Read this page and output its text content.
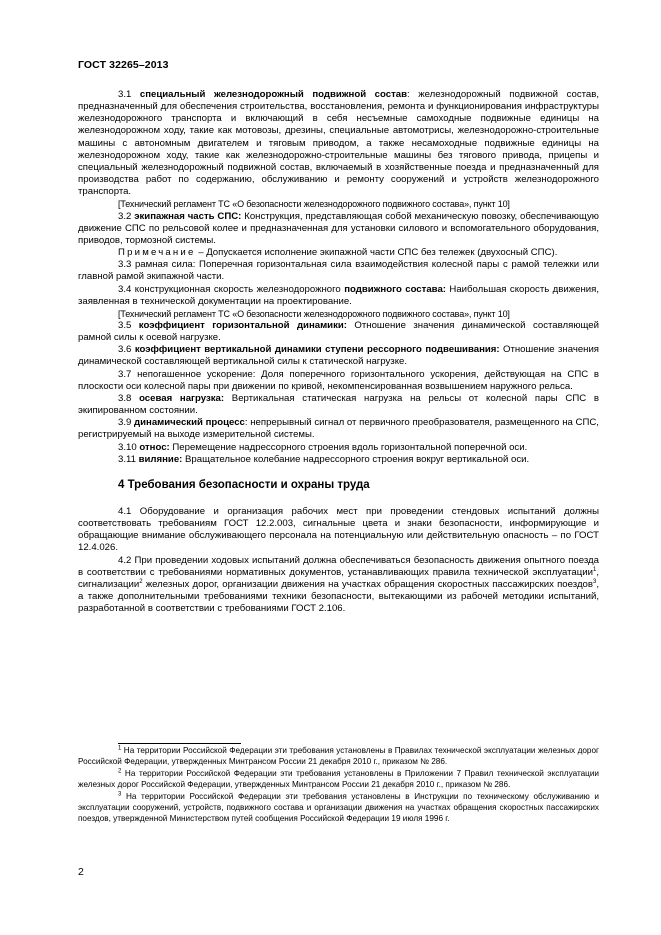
ГОСТ 32265–2013

3.1 специальный железнодорожный подвижной состав: железнодорожный подвижной состав, предназначенный для обеспечения строительства, восстановления, ремонта и функционирования инфраструктуры железнодорожного транспорта и включающий в себя несъемные самоходные подвижные единицы на железнодорожном ходу, такие как мотовозы, дрезины, специальные автомотрисы, железнодорожно-строительные машины с автономным двигателем и тяговым приводом, а также несамоходные подвижные единицы на железнодорожном ходу, такие как железнодорожно-строительные машины без тягового привода, прицепы и специальный железнодорожный подвижной состав, включаемый в хозяйственные поезда и предназначенный для производства работ по содержанию, обслуживанию и ремонту сооружений и устройств железнодорожного транспорта.

[Технический регламент ТС «О безопасности железнодорожного подвижного состава», пункт 10]

3.2 экипажная часть СПС: Конструкция, представляющая собой механическую повозку, обеспечивающую движение СПС по рельсовой колее и предназначенная для установки силового и вспомогательного оборудования, приводов, тормозной системы.

Примечание – Допускается исполнение экипажной части СПС без тележек (двухосный СПС).

3.3 рамная сила: Поперечная горизонтальная сила взаимодействия колесной пары с рамой тележки или главной рамой экипажной части.

3.4 конструкционная скорость железнодорожного подвижного состава: Наибольшая скорость движения, заявленная в технической документации на проектирование.

[Технический регламент ТС «О безопасности железнодорожного подвижного состава», пункт 10]

3.5 коэффициент горизонтальной динамики: Отношение значения динамической составляющей рамной силы к осевой нагрузке.

3.6 коэффициент вертикальной динамики ступени рессорного подвешивания: Отношение значения динамической составляющей вертикальной силы к статической нагрузке.

3.7 непогашенное ускорение: Доля поперечного горизонтального ускорения, действующая на СПС в плоскости оси колесной пары при движении по кривой, некомпенсированная возвышением наружного рельса.

3.8 осевая нагрузка: Вертикальная статическая нагрузка на рельсы от колесной пары СПС в экипированном состоянии.

3.9 динамический процесс: непрерывный сигнал от первичного преобразователя, размещенного на СПС, регистрируемый на выходе измерительной системы.

3.10 относ: Перемещение надрессорного строения вдоль горизонтальной поперечной оси.

3.11 виляние: Вращательное колебание надрессорного строения вокруг вертикальной оси.

4 Требования безопасности и охраны труда

4.1 Оборудование и организация рабочих мест при проведении стендовых испытаний должны соответствовать требованиям ГОСТ 12.2.003, сигнальные цвета и знаки безопасности, информирующие и обращающие внимание обслуживающего персонала на потенциальную или действительную опасность – по ГОСТ 12.4.026.

4.2 При проведении ходовых испытаний должна обеспечиваться безопасность движения опытного поезда в соответствии с требованиями нормативных документов, устанавливающих правила технической эксплуатации$^1$, сигнализации$^2$ железных дорог, организации движения на участках обращения скоростных пассажирских поездов$^3$, а также дополнительными требованиями техники безопасности, вытекающими из рабочей методики испытаний, разработанной в соответствии с требованиями ГОСТ 2.106.

$^1$ На территории Российской Федерации эти требования установлены в Правилах технической эксплуатации железных дорог Российской Федерации, утвержденных Минтрансом России 21 декабря 2010 г., приказом № 286.

$^2$ На территории Российской Федерации эти требования установлены в Приложении 7 Правил технической эксплуатации железных дорог Российской Федерации, утвержденных Минтрансом России 21 декабря 2010 г., приказом № 286.

$^3$ На территории Российской Федерации эти требования установлены в Инструкции по техническому обслуживанию и эксплуатации сооружений, устройств, подвижного состава и организации движения на участках обращения скоростных пассажирских поездов, утвержденной Министерством путей сообщения Российской Федерации 19 июля 1996 г.

2
